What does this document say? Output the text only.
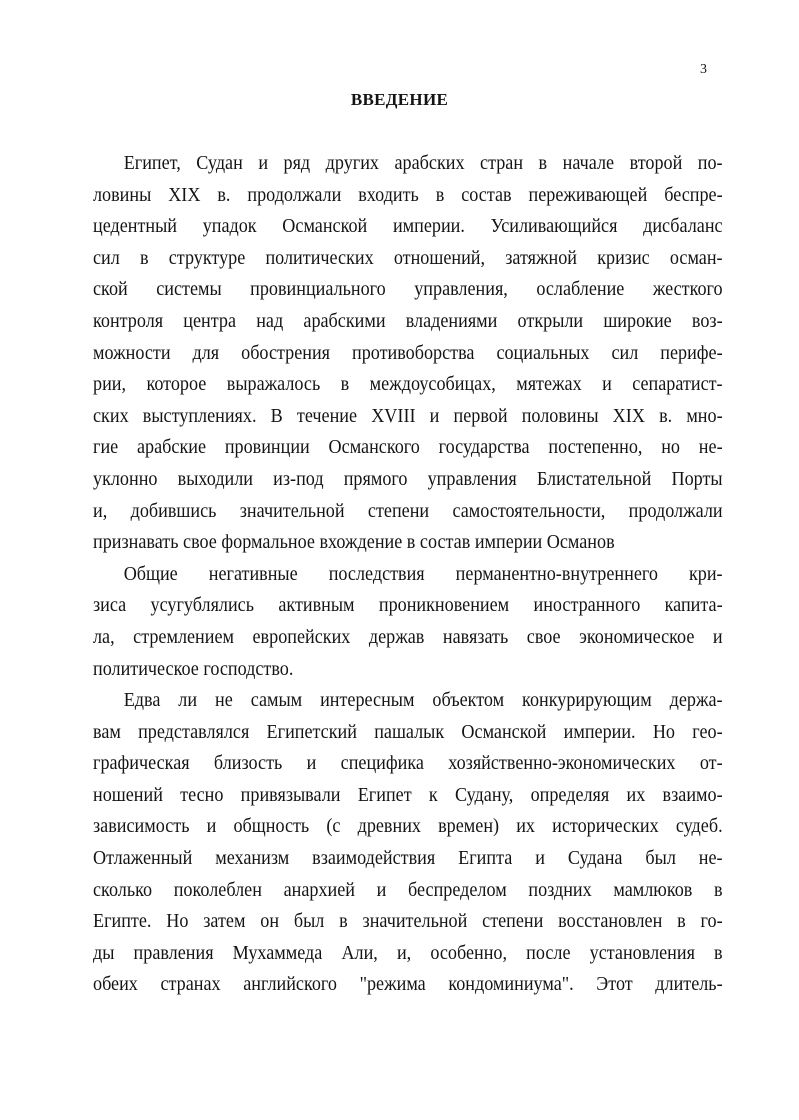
3
ВВЕДЕНИЕ
Египет, Судан и ряд других арабских стран в начале второй по-
ловины XIX в. продолжали входить в состав переживающей беспре-
цедентный упадок Османской империи. Усиливающийся дисбаланс
сил в структуре политических отношений, затяжной кризис осман-
ской системы провинциального управления, ослабление жесткого
контроля центра над арабскими владениями открыли широкие воз-
можности для обострения противоборства социальных сил перифе-
рии, которое выражалось в междоусобицах, мятежах и сепаратист-
ских выступлениях. В течение XVIII и первой половины XIX в. мно-
гие арабские провинции Османского государства постепенно, но не-
уклонно выходили из-под прямого управления Блистательной Порты
и, добившись значительной степени самостоятельности, продолжали
признавать свое формальное вхождение в состав империи Османов
Общие негативные последствия перманентно-внутреннего кри-
зиса усугублялись активным проникновением иностранного капита-
ла, стремлением европейских держав навязать свое экономическое и
политическое господство.
Едва ли не самым интересным объектом конкурирующим держа-
вам представлялся Египетский пашалык Османской империи. Но гео-
графическая близость и специфика хозяйственно-экономических от-
ношений тесно привязывали Египет к Судану, определяя их взаимо-
зависимость и общность (с древних времен) их исторических судеб.
Отлаженный механизм взаимодействия Египта и Судана был не-
сколько поколеблен анархией и беспределом поздних мамлюков в
Египте. Но затем он был в значительной степени восстановлен в го-
ды правления Мухаммеда Али, и, особенно, после установления в
обеих странах английского "режима кондоминиума". Этот длитель-
